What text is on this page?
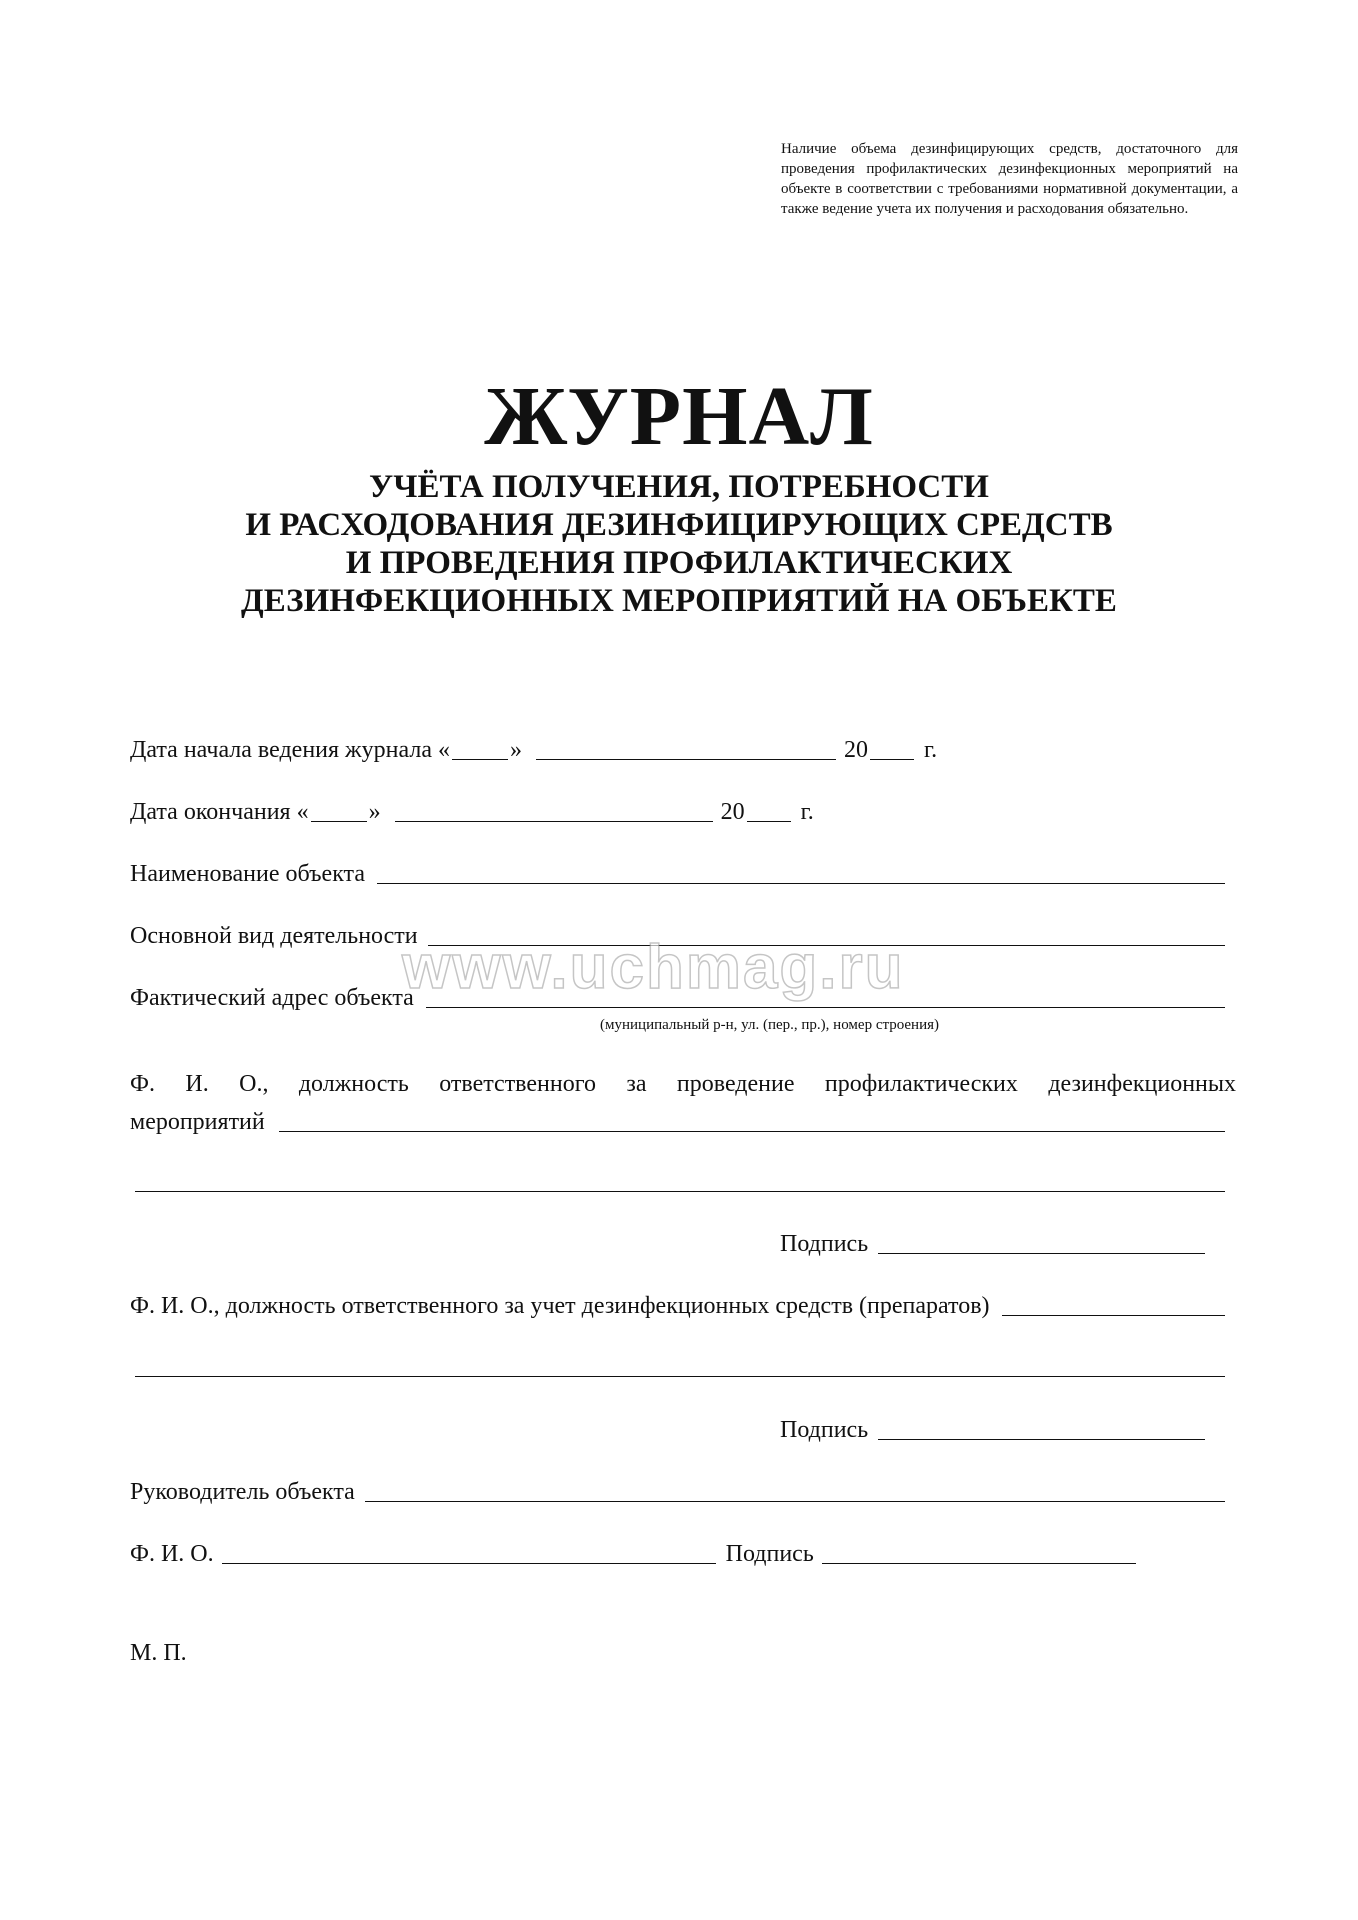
Наличие объема дезинфицирующих средств, достаточного для проведения профилактических дезинфекционных мероприятий на объекте в соответствии с требованиями нормативной документации, а также ведение учета их получения и расходования обязательно.
ЖУРНАЛ
УЧЁТА ПОЛУЧЕНИЯ, ПОТРЕБНОСТИ
И РАСХОДОВАНИЯ ДЕЗИНФИЦИРУЮЩИХ СРЕДСТВ
И ПРОВЕДЕНИЯ ПРОФИЛАКТИЧЕСКИХ
ДЕЗИНФЕКЦИОННЫХ МЕРОПРИЯТИЙ НА ОБЪЕКТЕ
Дата начала ведения журнала «	»	20 г.
Дата окончания «	»	20 г.
Наименование объекта
Основной вид деятельности
Фактический адрес объекта
(муниципальный р-н, ул. (пер., пр.), номер строения)
Ф. И. О., должность ответственного за проведение профилактических дезинфекционных
мероприятий
Подпись
Ф. И. О., должность ответственного за учет дезинфекционных средств (препаратов)
Подпись
Руководитель объекта
Ф. И. О.	Подпись
М. П.
www.uchmag.ru
